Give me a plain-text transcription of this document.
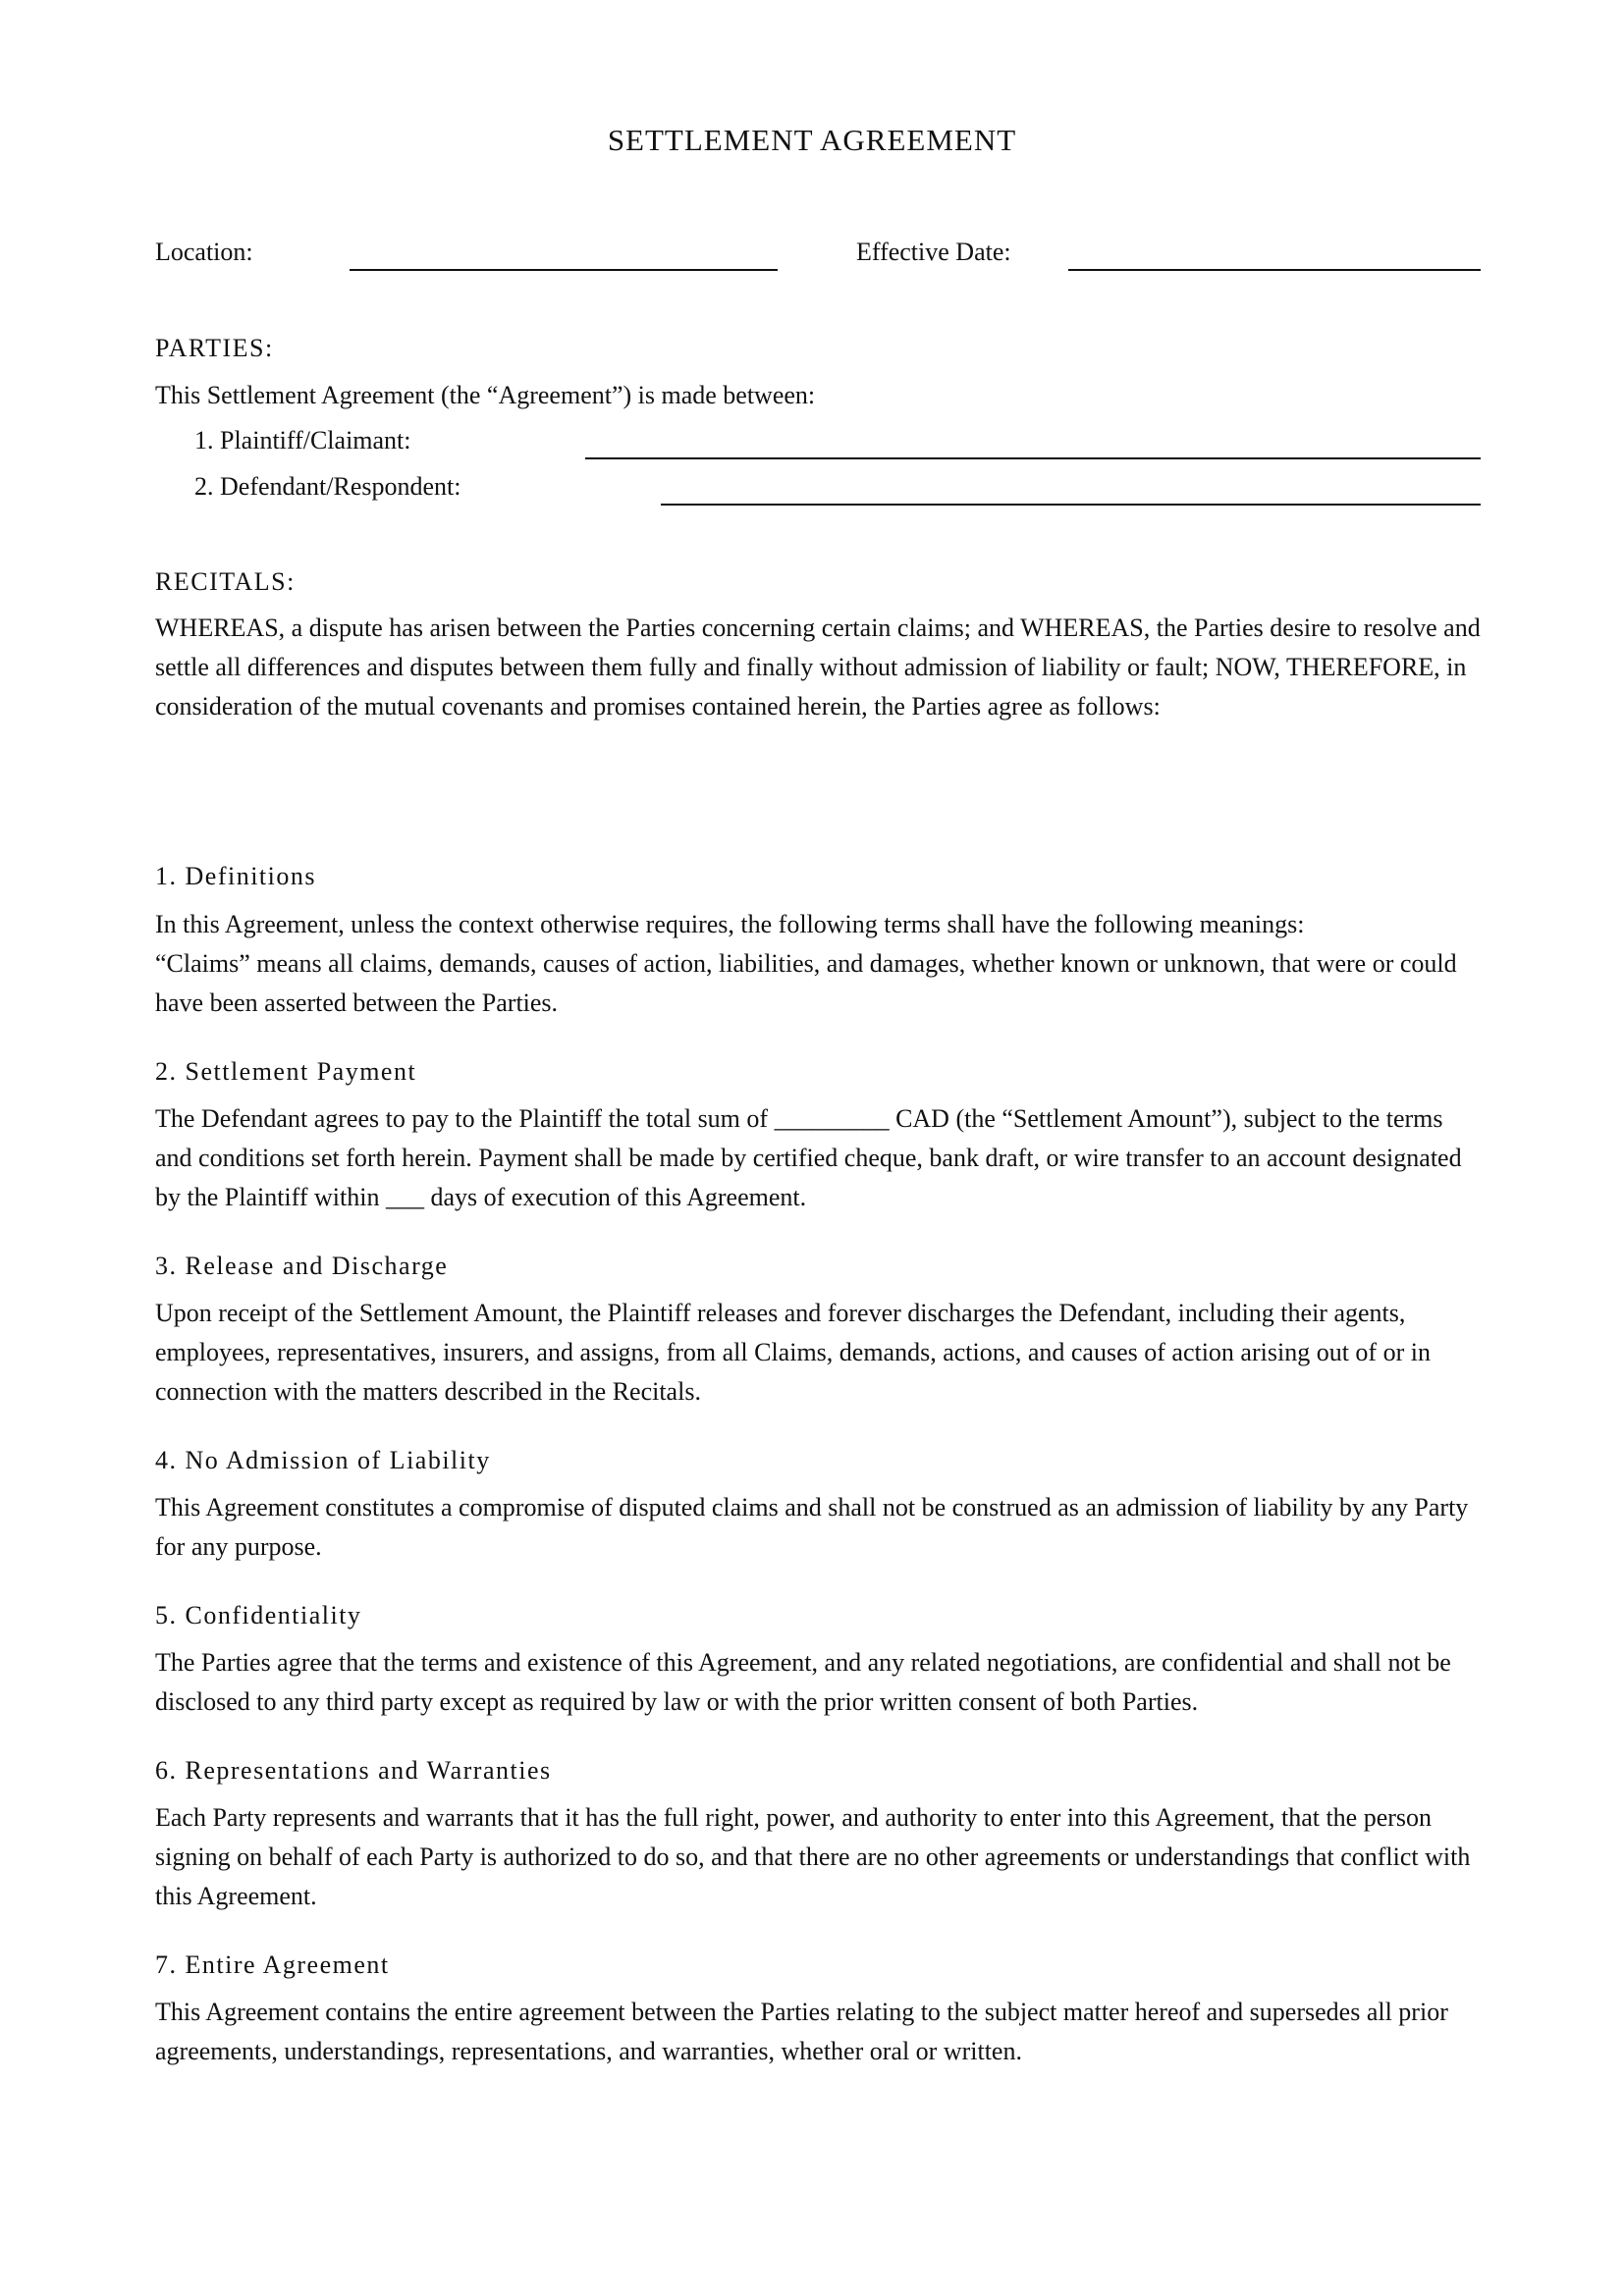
SETTLEMENT AGREEMENT
Location:	Effective Date:
PARTIES:
This Settlement Agreement (the “Agreement”) is made between:
1. Plaintiff/Claimant:
2. Defendant/Respondent:
RECITALS:
WHEREAS, a dispute has arisen between the Parties concerning certain claims; and WHEREAS, the Parties desire to resolve and settle all differences and disputes between them fully and finally without admission of liability or fault; NOW, THEREFORE, in consideration of the mutual covenants and promises contained herein, the Parties agree as follows:
1. Definitions

In this Agreement, unless the context otherwise requires, the following terms shall have the following meanings:

“Claims” means all claims, demands, causes of action, liabilities, and damages, whether known or unknown, that were or could have been asserted between the Parties.

2. Settlement Payment
The Defendant agrees to pay to the Plaintiff the total sum of _________ CAD (the “Settlement Amount”), subject to the terms and conditions set forth herein. Payment shall be made by certified cheque, bank draft, or wire transfer to an account designated by the Plaintiff within ___ days of execution of this Agreement.
3. Release and Discharge
Upon receipt of the Settlement Amount, the Plaintiff releases and forever discharges the Defendant, including their agents, employees, representatives, insurers, and assigns, from all Claims, demands, actions, and causes of action arising out of or in connection with the matters described in the Recitals.
4. No Admission of Liability
This Agreement constitutes a compromise of disputed claims and shall not be construed as an admission of liability by any Party for any purpose.
5. Confidentiality
The Parties agree that the terms and existence of this Agreement, and any related negotiations, are confidential and shall not be disclosed to any third party except as required by law or with the prior written consent of both Parties.
6. Representations and Warranties
Each Party represents and warrants that it has the full right, power, and authority to enter into this Agreement, that the person signing on behalf of each Party is authorized to do so, and that there are no other agreements or understandings that conflict with this Agreement.
7. Entire Agreement
This Agreement contains the entire agreement between the Parties relating to the subject matter hereof and supersedes all prior agreements, understandings, representations, and warranties, whether oral or written.
